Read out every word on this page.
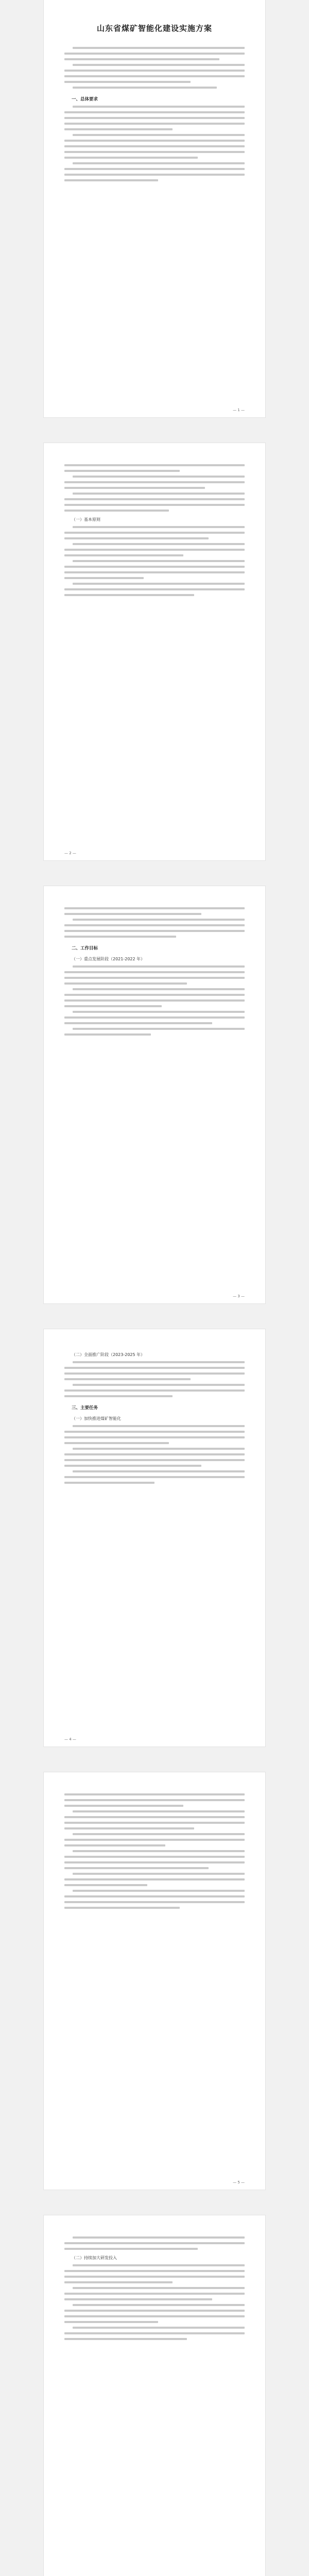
山东省煤矿智能化建设实施方案
一、总体要求
— 1 —
（一）基本原则
— 2 —
二、工作目标
（一）重点发展阶段（2021-2022 年）
— 3 —
（二）全面推广阶段（2023-2025 年）
三、主要任务
（一）加快推进煤矿智能化
— 4 —
— 5 —
（二）持续加大研发投入
